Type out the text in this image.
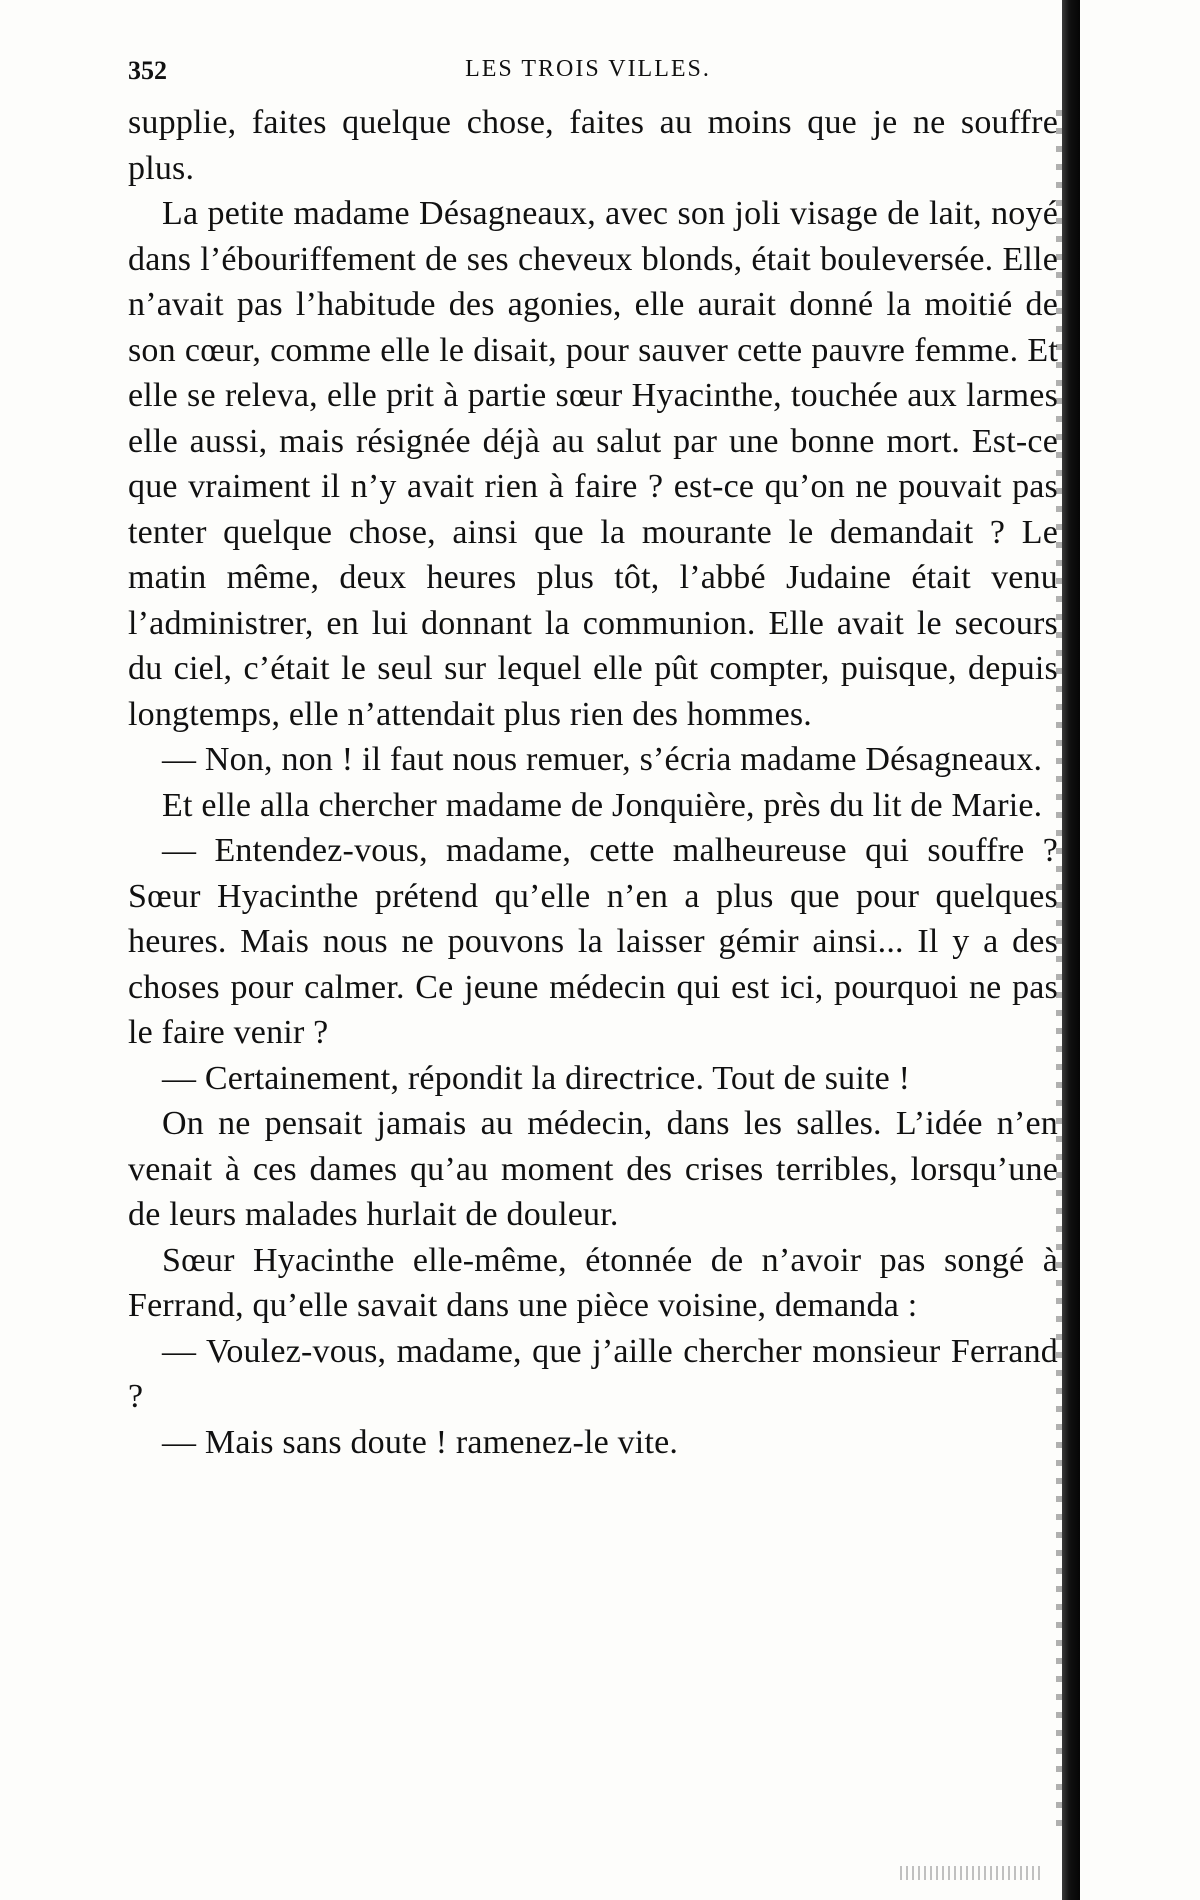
352	LES TROIS VILLES.

supplie, faites quelque chose, faites au moins que je ne souffre plus.

La petite madame Désagneaux, avec son joli visage de lait, noyé dans l’ébouriffement de ses cheveux blonds, était bouleversée. Elle n’avait pas l’habitude des agonies, elle aurait donné la moitié de son cœur, comme elle le disait, pour sauver cette pauvre femme. Et elle se releva, elle prit à partie sœur Hyacinthe, touchée aux larmes elle aussi, mais résignée déjà au salut par une bonne mort. Est-ce que vraiment il n’y avait rien à faire ? est-ce qu’on ne pouvait pas tenter quelque chose, ainsi que la mourante le demandait ? Le matin même, deux heures plus tôt, l’abbé Judaine était venu l’administrer, en lui donnant la communion. Elle avait le secours du ciel, c’était le seul sur lequel elle pût compter, puisque, depuis longtemps, elle n’attendait plus rien des hommes.

— Non, non ! il faut nous remuer, s’écria madame Désagneaux.

Et elle alla chercher madame de Jonquière, près du lit de Marie.

— Entendez-vous, madame, cette malheureuse qui souffre ? Sœur Hyacinthe prétend qu’elle n’en a plus que pour quelques heures. Mais nous ne pouvons la laisser gémir ainsi... Il y a des choses pour calmer. Ce jeune médecin qui est ici, pourquoi ne pas le faire venir ?

— Certainement, répondit la directrice. Tout de suite !

On ne pensait jamais au médecin, dans les salles. L’idée n’en venait à ces dames qu’au moment des crises terribles, lorsqu’une de leurs malades hurlait de douleur.

Sœur Hyacinthe elle-même, étonnée de n’avoir pas songé à Ferrand, qu’elle savait dans une pièce voisine, demanda :

— Voulez-vous, madame, que j’aille chercher monsieur Ferrand ?

— Mais sans doute ! ramenez-le vite.
